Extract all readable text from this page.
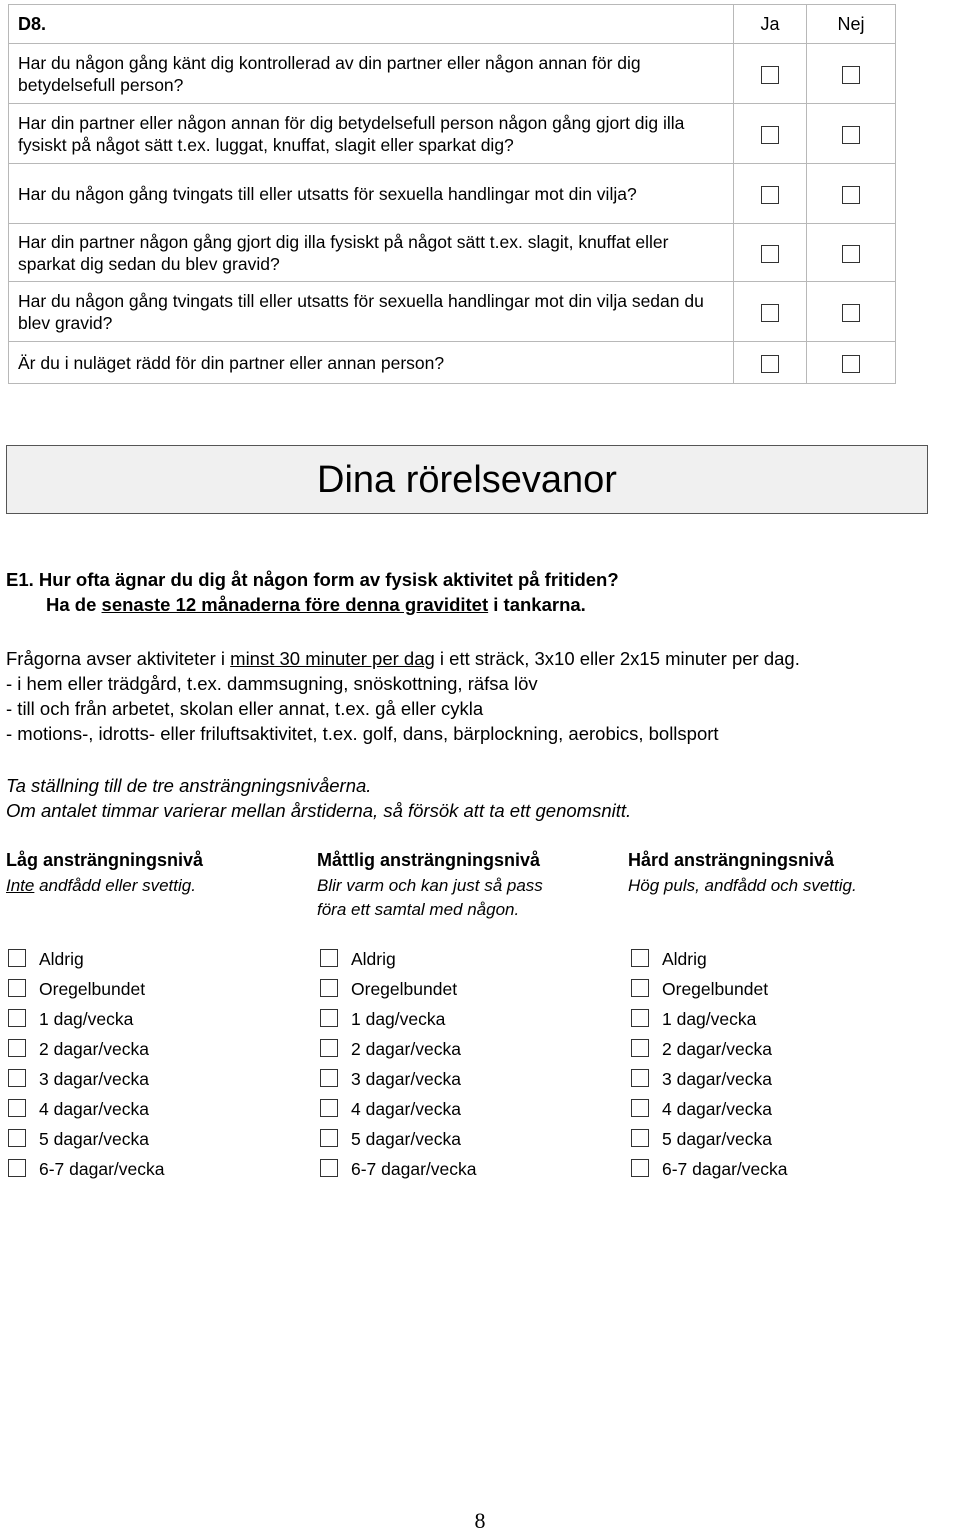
D8.	Ja	Nej
Har du någon gång känt dig kontrollerad av din partner eller någon annan för dig betydelsefull person?		
Har din partner eller någon annan för dig betydelsefull person någon gång gjort dig illa fysiskt på något sätt t.ex. luggat, knuffat, slagit eller sparkat dig?		
Har du någon gång tvingats till eller utsatts för sexuella handlingar mot din vilja?		
Har din partner någon gång gjort dig illa fysiskt på något sätt t.ex. slagit, knuffat eller sparkat dig sedan du blev gravid?		
Har du någon gång tvingats till eller utsatts för sexuella handlingar mot din vilja sedan du blev gravid?		
Är du i nuläget rädd för din partner eller annan person?		
Dina rörelsevanor
E1. Hur ofta ägnar du dig åt någon form av fysisk aktivitet på fritiden?
Ha de senaste 12 månaderna före denna graviditet i tankarna.
Frågorna avser aktiviteter i minst 30 minuter per dag i ett sträck, 3x10 eller 2x15 minuter per dag.
- i hem eller trädgård, t.ex. dammsugning, snöskottning, räfsa löv
- till och från arbetet, skolan eller annat, t.ex. gå eller cykla
- motions-, idrotts- eller friluftsaktivitet, t.ex. golf, dans, bärplockning, aerobics, bollsport
Ta ställning till de tre ansträngningsnivåerna.
Om antalet timmar varierar mellan årstiderna, så försök att ta ett genomsnitt.
Låg ansträngningsnivå
Inte andfådd eller svettig.
Måttlig ansträngningsnivå
Blir varm och kan just så pass
föra ett samtal med någon.
Hård ansträngningsnivå
Hög puls, andfådd och svettig.
Aldrig
Oregelbundet
1 dag/vecka
2 dagar/vecka
3 dagar/vecka
4 dagar/vecka
5 dagar/vecka
6-7 dagar/vecka
Aldrig
Oregelbundet
1 dag/vecka
2 dagar/vecka
3 dagar/vecka
4 dagar/vecka
5 dagar/vecka
6-7 dagar/vecka
Aldrig
Oregelbundet
1 dag/vecka
2 dagar/vecka
3 dagar/vecka
4 dagar/vecka
5 dagar/vecka
6-7 dagar/vecka
8
